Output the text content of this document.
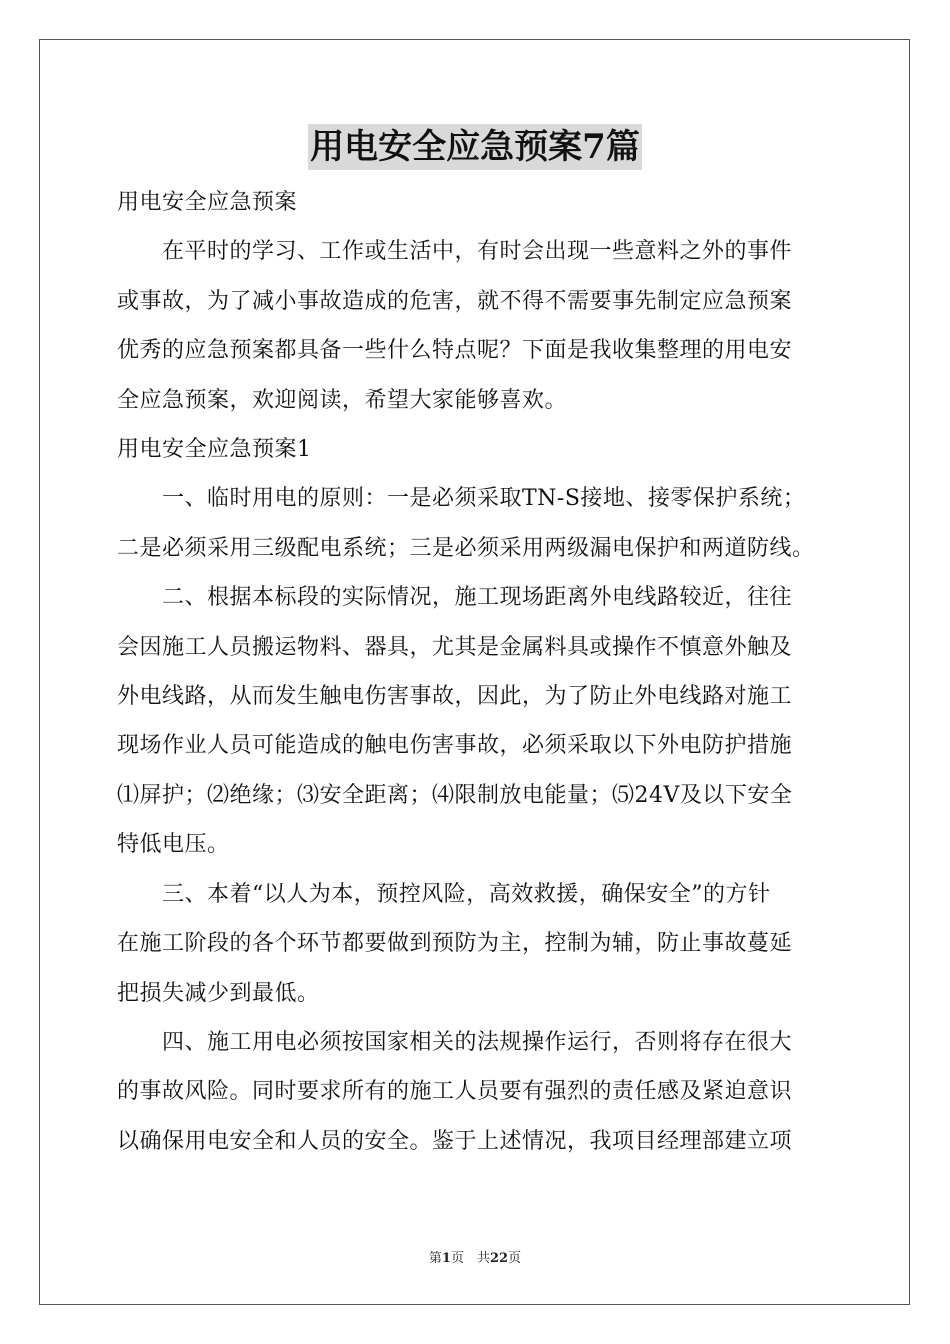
用电安全应急预案7篇
用电安全应急预案
　　在平时的学习、工作或生活中，有时会出现一些意料之外的事件
或事故，为了减小事故造成的危害，就不得不需要事先制定应急预案
优秀的应急预案都具备一些什么特点呢？下面是我收集整理的用电安
全应急预案，欢迎阅读，希望大家能够喜欢。
用电安全应急预案1
　　一、临时用电的原则：一是必须采取TN-S接地、接零保护系统；
二是必须采用三级配电系统；三是必须采用两级漏电保护和两道防线。
　　二、根据本标段的实际情况，施工现场距离外电线路较近，往往
会因施工人员搬运物料、器具，尤其是金属料具或操作不慎意外触及
外电线路，从而发生触电伤害事故，因此，为了防止外电线路对施工
现场作业人员可能造成的触电伤害事故，必须采取以下外电防护措施
⑴屏护；⑵绝缘；⑶安全距离；⑷限制放电能量；⑸24V及以下安全
特低电压。
　　三、本着“以人为本，预控风险，高效救援，确保安全”的方针
在施工阶段的各个环节都要做到预防为主，控制为辅，防止事故蔓延
把损失减少到最低。
　　四、施工用电必须按国家相关的法规操作运行，否则将存在很大
的事故风险。同时要求所有的施工人员要有强烈的责任感及紧迫意识
以确保用电安全和人员的安全。鉴于上述情况，我项目经理部建立项
第1页　共22页
